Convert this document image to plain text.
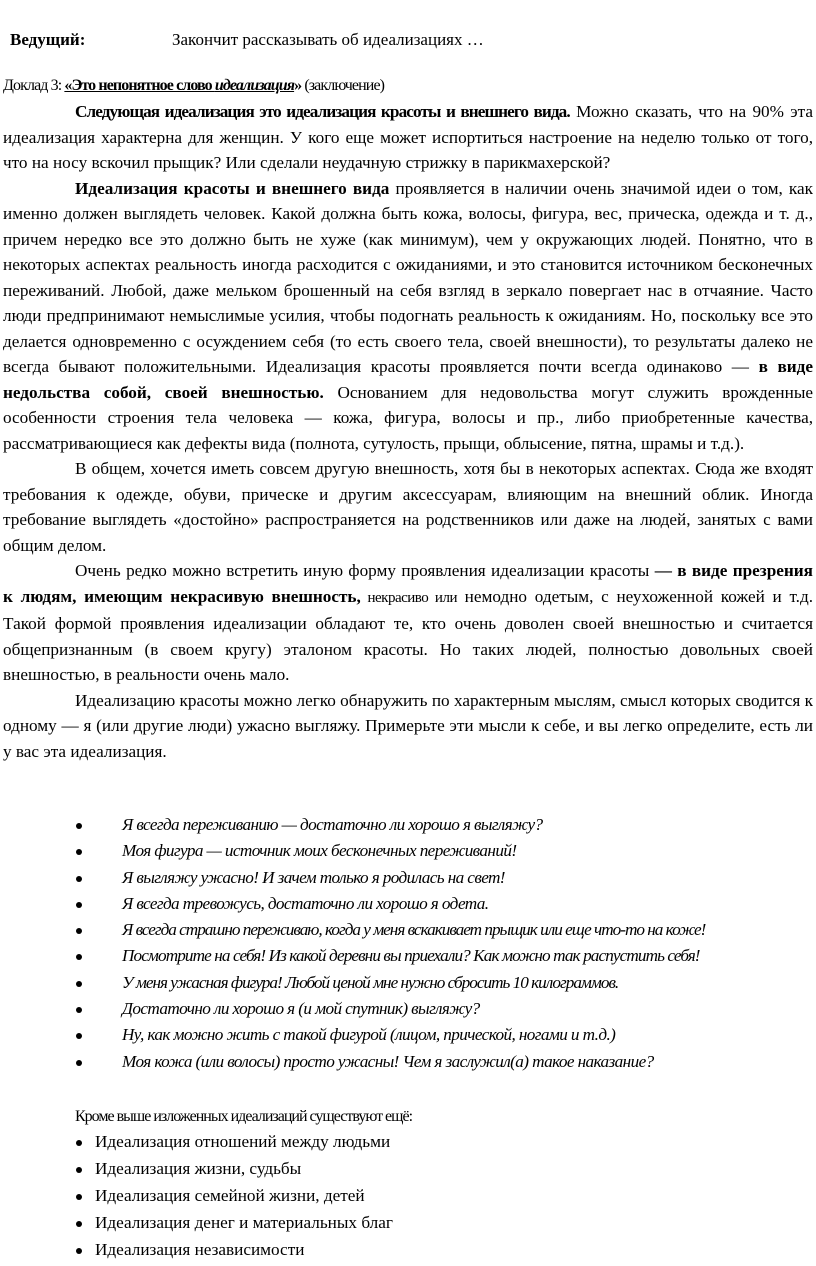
Ведущий:	Закончит рассказывать об идеализациях …
Доклад 3: «Это непонятное слово идеализация» (заключение)

Следующая идеализация это идеализация красоты и внешнего вида. Можно сказать, что на 90% эта идеализация характерна для женщин. У кого еще может испортиться настроение на неделю только от того, что на носу вскочил прыщик? Или сделали неудачную стрижку в парикмахерской?

Идеализация красоты и внешнего вида проявляется в наличии очень значимой идеи о том, как именно должен выглядеть человек. Какой должна быть кожа, волосы, фигура, вес, прическа, одежда и т. д., причем нередко все это должно быть не хуже (как минимум), чем у окружающих людей. Понятно, что в некоторых аспектах реальность иногда расходится с ожиданиями, и это становится источником бесконечных переживаний. Любой, даже мельком брошенный на себя взгляд в зеркало повергает нас в отчаяние. Часто люди предпринимают немыслимые усилия, чтобы подогнать реальность к ожиданиям. Но, поскольку все это делается одновременно с осуждением себя (то есть своего тела, своей внешности), то результаты далеко не всегда бывают положительными. Идеализация красоты проявляется почти всегда одинаково — в виде недольства собой, своей внешностью. Основанием для недовольства могут служить врожденные особенности строения тела человека — кожа, фигура, волосы и пр., либо приобретенные качества, рассматривающиеся как дефекты вида (полнота, сутулость, прыщи, облысение, пятна, шрамы и т.д.).

В общем, хочется иметь совсем другую внешность, хотя бы в некоторых аспектах. Сюда же входят требования к одежде, обуви, прическе и другим аксессуарам, влияющим на внешний облик. Иногда требование выглядеть «достойно» распространяется на родственников или даже на людей, занятых с вами общим делом.

Очень редко можно встретить иную форму проявления идеализации красоты — в виде презрения к людям, имеющим некрасивую внешность, некрасиво или немодно одетым, с неухоженной кожей и т.д. Такой формой проявления идеализации обладают те, кто очень доволен своей внешностью и считается общепризнанным (в своем кругу) эталоном красоты. Но таких людей, полностью довольных своей внешностью, в реальности очень мало.

Идеализацию красоты можно легко обнаружить по характерным мыслям, смысл которых сводится к одному — я (или другие люди) ужасно выгляжу. Примерьте эти мысли к себе, и вы легко определите, есть ли у вас эта идеализация.

Я всегда переживанию — достаточно ли хорошо я выгляжу?
Моя фигура — источник моих бесконечных переживаний!
Я выгляжу ужасно! И зачем только я родилась на свет!
Я всегда тревожусь, достаточно ли хорошо я одета.
Я всегда страшно переживаю, когда у меня вскакивает прыщик или еще что-то на коже!
Посмотрите на себя! Из какой деревни вы приехали? Как можно так распустить себя!
У меня ужасная фигура! Любой ценой мне нужно сбросить 10 килограммов.
Достаточно ли хорошо я (и мой спутник) выгляжу?
Ну, как можно жить с такой фигурой (лицом, прической, ногами и т.д.)
Моя кожа (или волосы) просто ужасны! Чем я заслужил(а) такое наказание?
Кроме выше изложенных идеализаций существуют ещё:
Идеализация отношений между людьми
Идеализация жизни, судьбы
Идеализация семейной жизни, детей
Идеализация денег и материальных благ
Идеализация независимости
